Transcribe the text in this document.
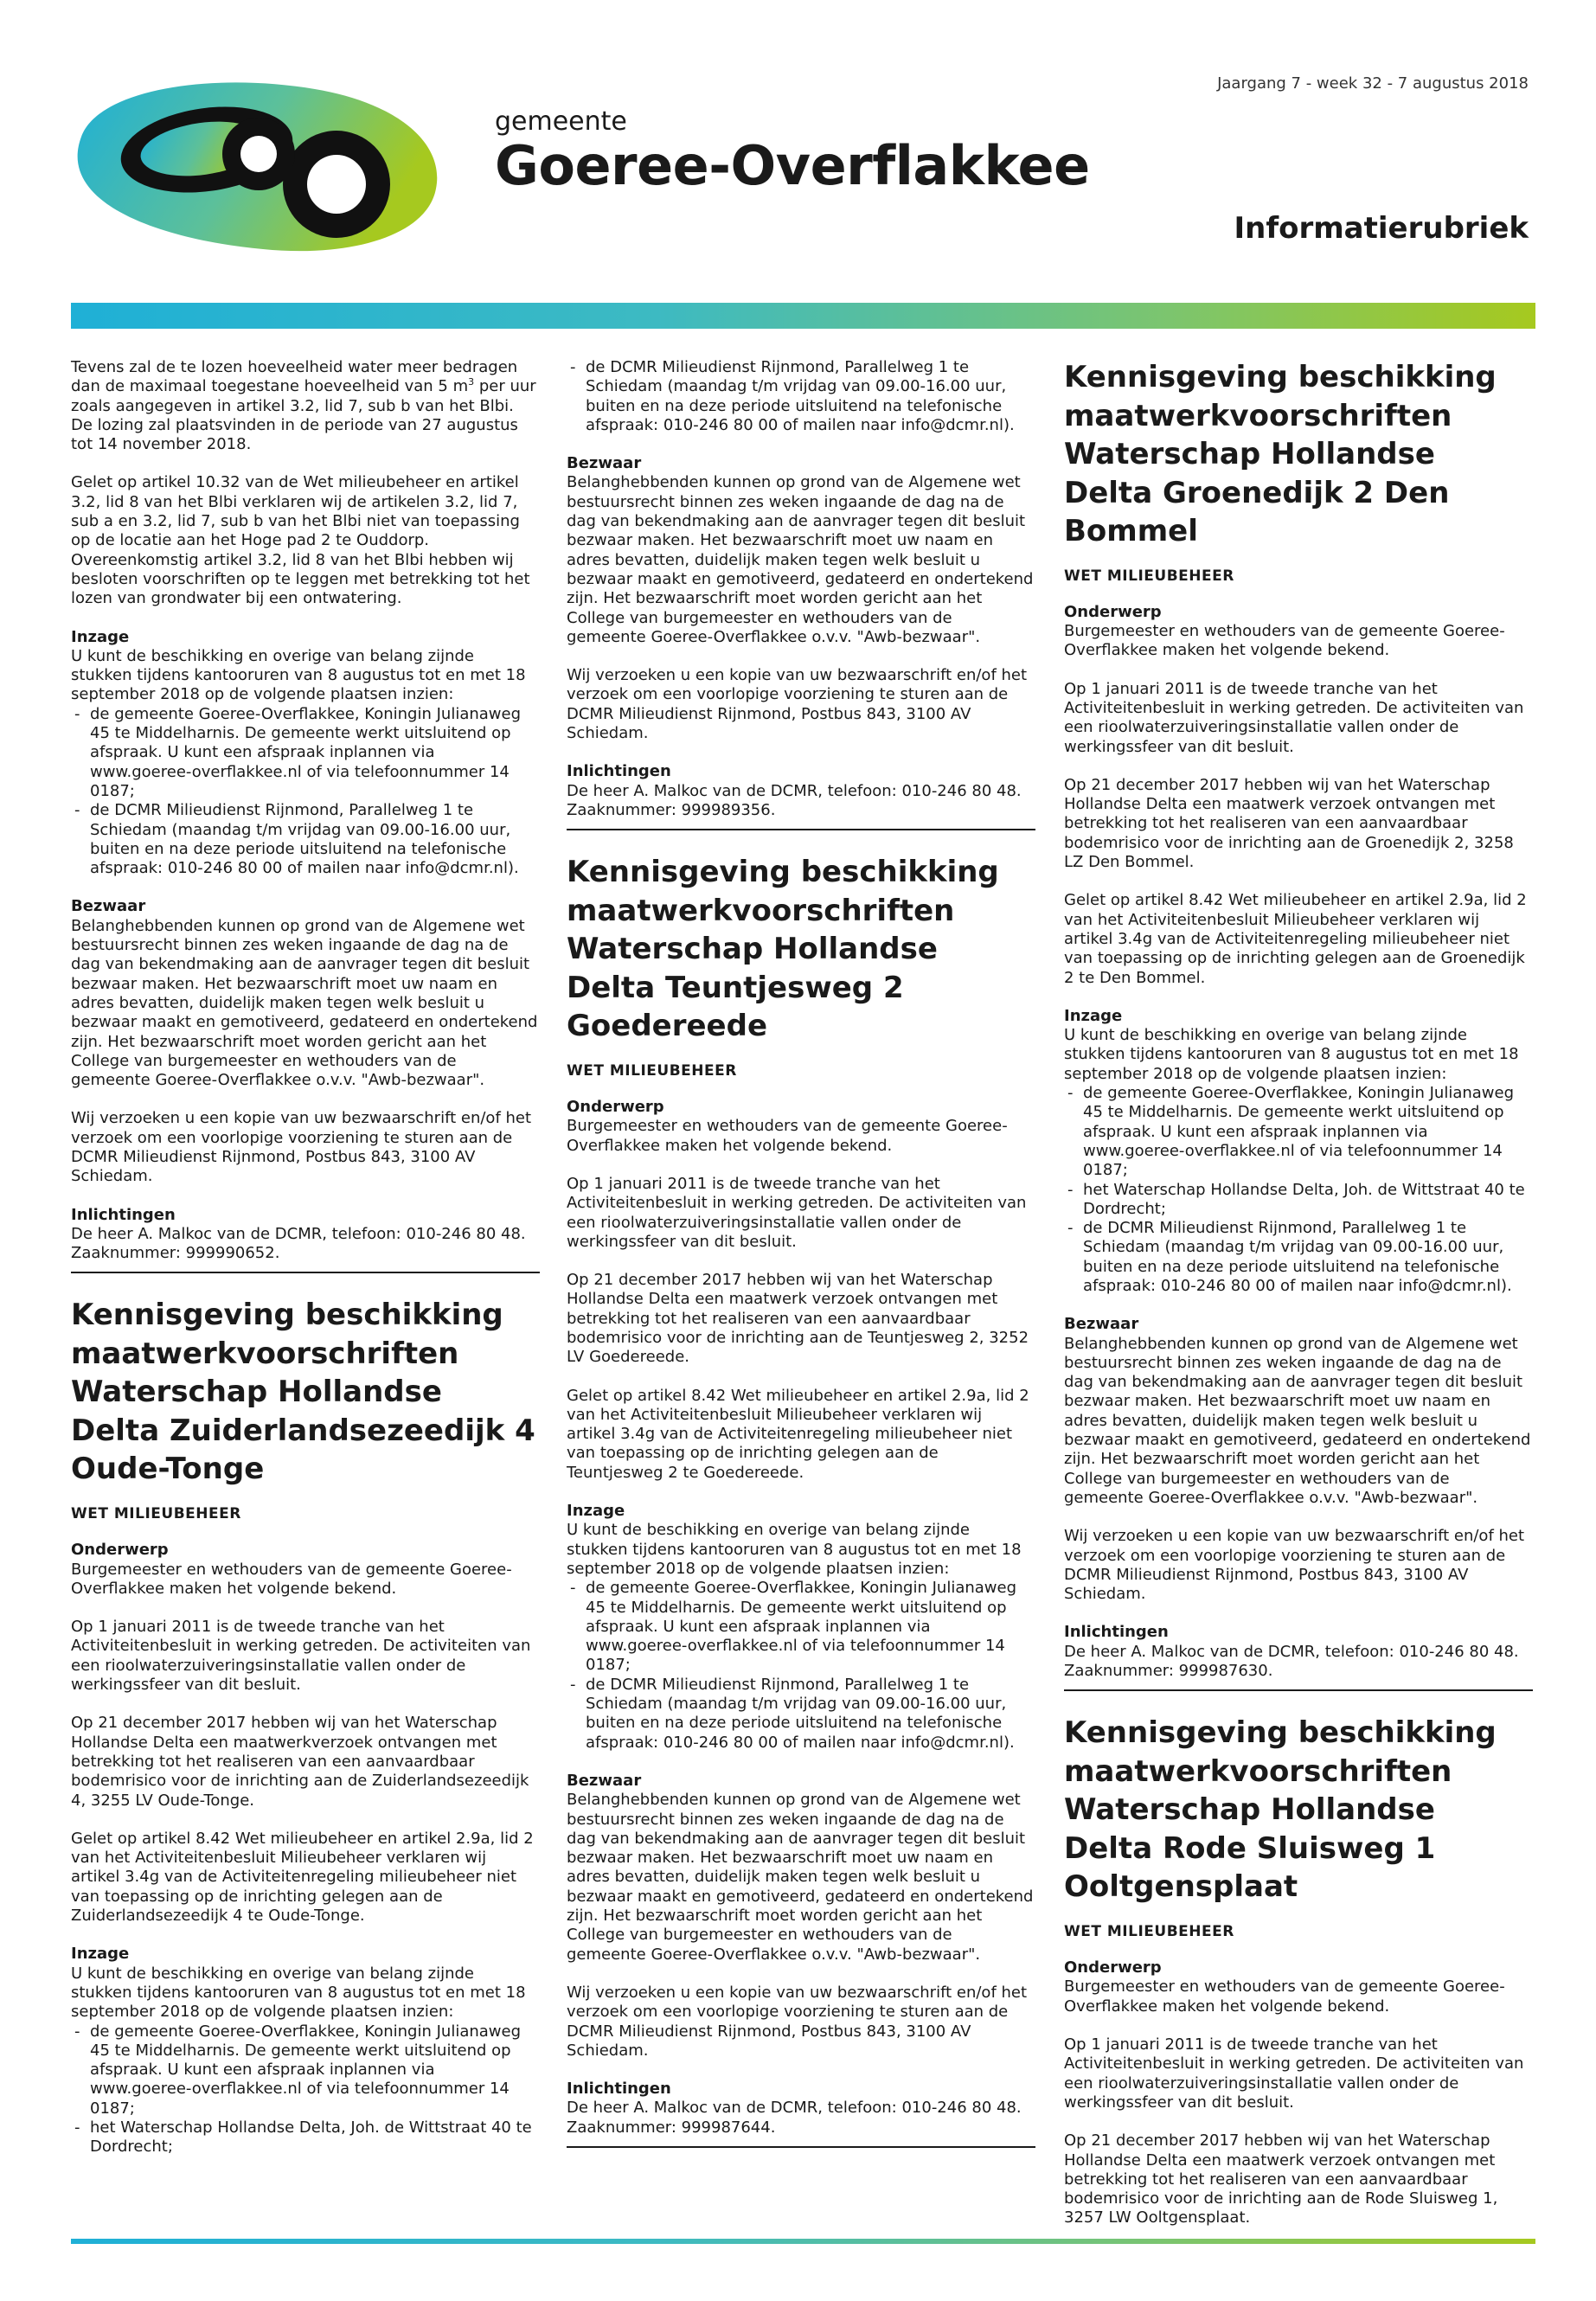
Jaargang 7 - week 32 - 7 augustus 2018
gemeente
Goeree-Overflakkee
Informatierubriek

Tevens zal de te lozen hoeveelheid water meer bedragen dan de maximaal toegestane hoeveelheid van 5 $m^3$ per uur zoals aangegeven in artikel 3.2, lid 7, sub b van het Blbi. De lozing zal plaatsvinden in de periode van 27 augustus tot 14 november 2018.

Gelet op artikel 10.32 van de Wet milieubeheer en artikel 3.2, lid 8 van het Blbi verklaren wij de artikelen 3.2, lid 7, sub a en 3.2, lid 7, sub b van het Blbi niet van toepassing op de locatie aan het Hoge pad 2 te Ouddorp. Overeenkomstig artikel 3.2, lid 8 van het Blbi hebben wij besloten voorschriften op te leggen met betrekking tot het lozen van grondwater bij een ontwatering.

Inzage

U kunt de beschikking en overige van belang zijnde stukken tijdens kantooruren van 8 augustus tot en met 18 september 2018 op de volgende plaatsen inzien:

- de gemeente Goeree-Overflakkee, Koningin Julianaweg 45 te Middelharnis. De gemeente werkt uitsluitend op afspraak. U kunt een afspraak inplannen via www.goeree-overflakkee.nl of via telefoonnummer 14 0187;
- de DCMR Milieudienst Rijnmond, Parallelweg 1 te Schiedam (maandag t/m vrijdag van 09.00-16.00 uur, buiten en na deze periode uitsluitend na telefonische afspraak: 010-246 80 00 of mailen naar info@dcmr.nl).

Bezwaar

Belanghebbenden kunnen op grond van de Algemene wet bestuursrecht binnen zes weken ingaande de dag na de dag van bekendmaking aan de aanvrager tegen dit besluit bezwaar maken. Het bezwaarschrift moet uw naam en adres bevatten, duidelijk maken tegen welk besluit u bezwaar maakt en gemotiveerd, gedateerd en ondertekend zijn. Het bezwaarschrift moet worden gericht aan het College van burgemeester en wethouders van de gemeente Goeree-Overflakkee o.v.v. "Awb-bezwaar".

Wij verzoeken u een kopie van uw bezwaarschrift en/of het verzoek om een voorlopige voorziening te sturen aan de DCMR Milieudienst Rijnmond, Postbus 843, 3100 AV Schiedam.

Inlichtingen

De heer A. Malkoc van de DCMR, telefoon: 010-246 80 48.

Zaaknummer: 999990652.

Kennisgeving beschikking maatwerkvoorschriften Waterschap Hollandse Delta Zuiderlandsezeedijk 4 Oude-Tonge

WET MILIEUBEHEER

Onderwerp

Burgemeester en wethouders van de gemeente Goeree-Overflakkee maken het volgende bekend.

Op 1 januari 2011 is de tweede tranche van het Activiteitenbesluit in werking getreden. De activiteiten van een rioolwaterzuiveringsinstallatie vallen onder de werkingssfeer van dit besluit.

Op 21 december 2017 hebben wij van het Waterschap Hollandse Delta een maatwerkverzoek ontvangen met betrekking tot het realiseren van een aanvaardbaar bodemrisico voor de inrichting aan de Zuiderlandsezeedijk 4, 3255 LV Oude-Tonge.

Gelet op artikel 8.42 Wet milieubeheer en artikel 2.9a, lid 2 van het Activiteitenbesluit Milieubeheer verklaren wij artikel 3.4g van de Activiteitenregeling milieubeheer niet van toepassing op de inrichting gelegen aan de Zuiderlandsezeedijk 4 te Oude-Tonge.

Inzage

U kunt de beschikking en overige van belang zijnde stukken tijdens kantooruren van 8 augustus tot en met 18 september 2018 op de volgende plaatsen inzien:

- de gemeente Goeree-Overflakkee, Koningin Julianaweg 45 te Middelharnis. De gemeente werkt uitsluitend op afspraak. U kunt een afspraak inplannen via www.goeree-overflakkee.nl of via telefoonnummer 14 0187;
- het Waterschap Hollandse Delta, Joh. de Wittstraat 40 te Dordrecht;
- de DCMR Milieudienst Rijnmond, Parallelweg 1 te Schiedam (maandag t/m vrijdag van 09.00-16.00 uur, buiten en na deze periode uitsluitend na telefonische afspraak: 010-246 80 00 of mailen naar info@dcmr.nl).

Bezwaar

Belanghebbenden kunnen op grond van de Algemene wet bestuursrecht binnen zes weken ingaande de dag na de dag van bekendmaking aan de aanvrager tegen dit besluit bezwaar maken. Het bezwaarschrift moet uw naam en adres bevatten, duidelijk maken tegen welk besluit u bezwaar maakt en gemotiveerd, gedateerd en ondertekend zijn. Het bezwaarschrift moet worden gericht aan het College van burgemeester en wethouders van de gemeente Goeree-Overflakkee o.v.v. "Awb-bezwaar".

Wij verzoeken u een kopie van uw bezwaarschrift en/of het verzoek om een voorlopige voorziening te sturen aan de DCMR Milieudienst Rijnmond, Postbus 843, 3100 AV Schiedam.

Inlichtingen

De heer A. Malkoc van de DCMR, telefoon: 010-246 80 48.

Zaaknummer: 999989356.

Kennisgeving beschikking maatwerkvoorschriften Waterschap Hollandse Delta Teuntjesweg 2 Goedereede

WET MILIEUBEHEER

Onderwerp

Burgemeester en wethouders van de gemeente Goeree-Overflakkee maken het volgende bekend.

Op 1 januari 2011 is de tweede tranche van het Activiteitenbesluit in werking getreden. De activiteiten van een rioolwaterzuiveringsinstallatie vallen onder de werkingssfeer van dit besluit.

Op 21 december 2017 hebben wij van het Waterschap Hollandse Delta een maatwerk verzoek ontvangen met betrekking tot het realiseren van een aanvaardbaar bodemrisico voor de inrichting aan de Teuntjesweg 2, 3252 LV Goedereede.

Gelet op artikel 8.42 Wet milieubeheer en artikel 2.9a, lid 2 van het Activiteitenbesluit Milieubeheer verklaren wij artikel 3.4g van de Activiteitenregeling milieubeheer niet van toepassing op de inrichting gelegen aan de Teuntjesweg 2 te Goedereede.

Inzage

U kunt de beschikking en overige van belang zijnde stukken tijdens kantooruren van 8 augustus tot en met 18 september 2018 op de volgende plaatsen inzien:

- de gemeente Goeree-Overflakkee, Koningin Julianaweg 45 te Middelharnis. De gemeente werkt uitsluitend op afspraak. U kunt een afspraak inplannen via www.goeree-overflakkee.nl of via telefoonnummer 14 0187;
- de DCMR Milieudienst Rijnmond, Parallelweg 1 te Schiedam (maandag t/m vrijdag van 09.00-16.00 uur, buiten en na deze periode uitsluitend na telefonische afspraak: 010-246 80 00 of mailen naar info@dcmr.nl).

Bezwaar

Belanghebbenden kunnen op grond van de Algemene wet bestuursrecht binnen zes weken ingaande de dag na de dag van bekendmaking aan de aanvrager tegen dit besluit bezwaar maken. Het bezwaarschrift moet uw naam en adres bevatten, duidelijk maken tegen welk besluit u bezwaar maakt en gemotiveerd, gedateerd en ondertekend zijn. Het bezwaarschrift moet worden gericht aan het College van burgemeester en wethouders van de gemeente Goeree-Overflakkee o.v.v. "Awb-bezwaar".

Wij verzoeken u een kopie van uw bezwaarschrift en/of het verzoek om een voorlopige voorziening te sturen aan de DCMR Milieudienst Rijnmond, Postbus 843, 3100 AV Schiedam.

Inlichtingen

De heer A. Malkoc van de DCMR, telefoon: 010-246 80 48.

Zaaknummer: 999987644.

Kennisgeving beschikking maatwerkvoorschriften Waterschap Hollandse Delta Groenedijk 2 Den Bommel

WET MILIEUBEHEER

Onderwerp

Burgemeester en wethouders van de gemeente Goeree-Overflakkee maken het volgende bekend.

Op 1 januari 2011 is de tweede tranche van het Activiteitenbesluit in werking getreden. De activiteiten van een rioolwaterzuiveringsinstallatie vallen onder de werkingssfeer van dit besluit.

Op 21 december 2017 hebben wij van het Waterschap Hollandse Delta een maatwerk verzoek ontvangen met betrekking tot het realiseren van een aanvaardbaar bodemrisico voor de inrichting aan de Groenedijk 2, 3258 LZ Den Bommel.

Gelet op artikel 8.42 Wet milieubeheer en artikel 2.9a, lid 2 van het Activiteitenbesluit Milieubeheer verklaren wij artikel 3.4g van de Activiteitenregeling milieubeheer niet van toepassing op de inrichting gelegen aan de Groenedijk 2 te Den Bommel.

Inzage

U kunt de beschikking en overige van belang zijnde stukken tijdens kantooruren van 8 augustus tot en met 18 september 2018 op de volgende plaatsen inzien:

- de gemeente Goeree-Overflakkee, Koningin Julianaweg 45 te Middelharnis. De gemeente werkt uitsluitend op afspraak. U kunt een afspraak inplannen via www.goeree-overflakkee.nl of via telefoonnummer 14 0187;
- het Waterschap Hollandse Delta, Joh. de Wittstraat 40 te Dordrecht;
- de DCMR Milieudienst Rijnmond, Parallelweg 1 te Schiedam (maandag t/m vrijdag van 09.00-16.00 uur, buiten en na deze periode uitsluitend na telefonische afspraak: 010-246 80 00 of mailen naar info@dcmr.nl).

Bezwaar

Belanghebbenden kunnen op grond van de Algemene wet bestuursrecht binnen zes weken ingaande de dag na de dag van bekendmaking aan de aanvrager tegen dit besluit bezwaar maken. Het bezwaarschrift moet uw naam en adres bevatten, duidelijk maken tegen welk besluit u bezwaar maakt en gemotiveerd, gedateerd en ondertekend zijn. Het bezwaarschrift moet worden gericht aan het College van burgemeester en wethouders van de gemeente Goeree-Overflakkee o.v.v. "Awb-bezwaar".

Wij verzoeken u een kopie van uw bezwaarschrift en/of het verzoek om een voorlopige voorziening te sturen aan de DCMR Milieudienst Rijnmond, Postbus 843, 3100 AV Schiedam.

Inlichtingen

De heer A. Malkoc van de DCMR, telefoon: 010-246 80 48.

Zaaknummer: 999987630.

Kennisgeving beschikking maatwerkvoorschriften Waterschap Hollandse Delta Rode Sluisweg 1 Ooltgensplaat

WET MILIEUBEHEER

Onderwerp

Burgemeester en wethouders van de gemeente Goeree-Overflakkee maken het volgende bekend.

Op 1 januari 2011 is de tweede tranche van het Activiteitenbesluit in werking getreden. De activiteiten van een rioolwaterzuiveringsinstallatie vallen onder de werkingssfeer van dit besluit.

Op 21 december 2017 hebben wij van het Waterschap Hollandse Delta een maatwerk verzoek ontvangen met betrekking tot het realiseren van een aanvaardbaar bodemrisico voor de inrichting aan de Rode Sluisweg 1, 3257 LW Ooltgensplaat.
